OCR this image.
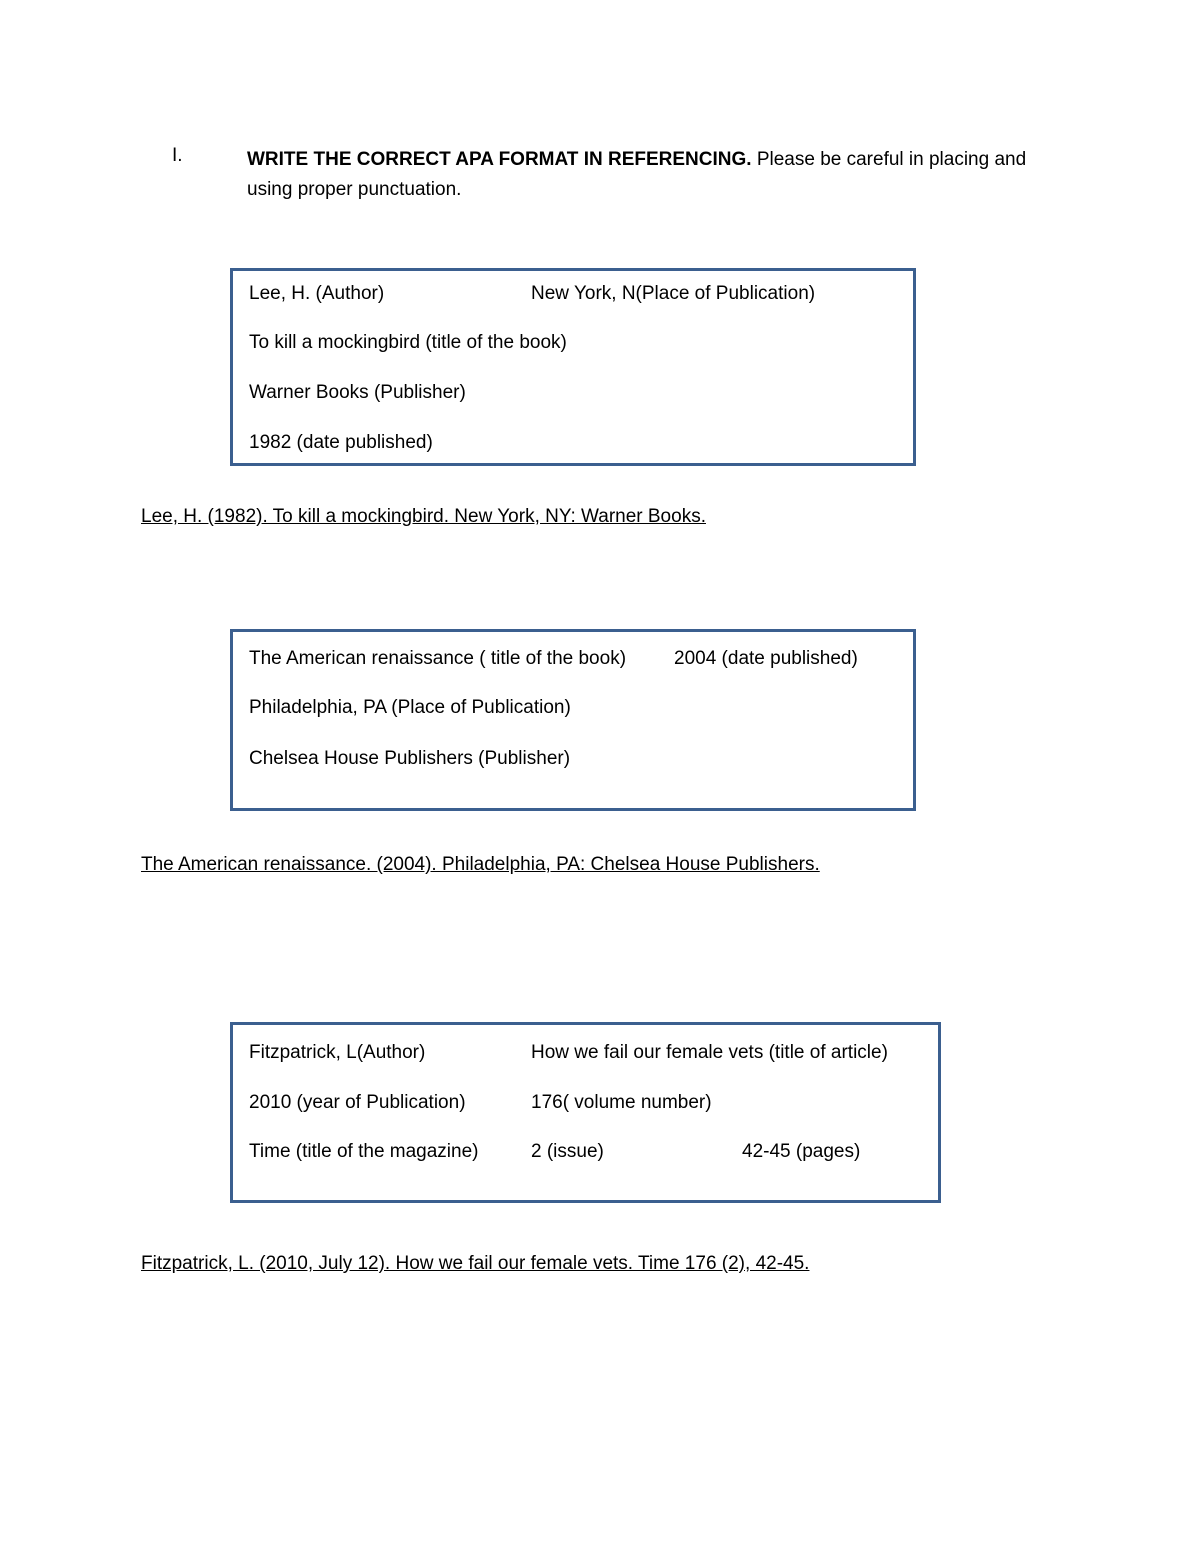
I.	WRITE THE CORRECT APA FORMAT IN REFERENCING. Please be careful in placing and using proper punctuation.
Lee, H. (Author)	New York, N(Place of Publication)
To kill a mockingbird (title of the book)
Warner Books (Publisher)
1982 (date published)
Lee, H. (1982). To kill a mockingbird. New York, NY: Warner Books.
The American renaissance ( title of the book)	2004 (date published)
Philadelphia, PA (Place of Publication)
Chelsea House Publishers (Publisher)
The American renaissance. (2004). Philadelphia, PA: Chelsea House Publishers.
Fitzpatrick, L(Author)	How we fail our female vets (title of article)
2010 (year of Publication)	176( volume number)
Time (title of the magazine)	2 (issue)	42-45 (pages)
Fitzpatrick, L. (2010, July 12). How we fail our female vets. Time 176 (2), 42-45.
